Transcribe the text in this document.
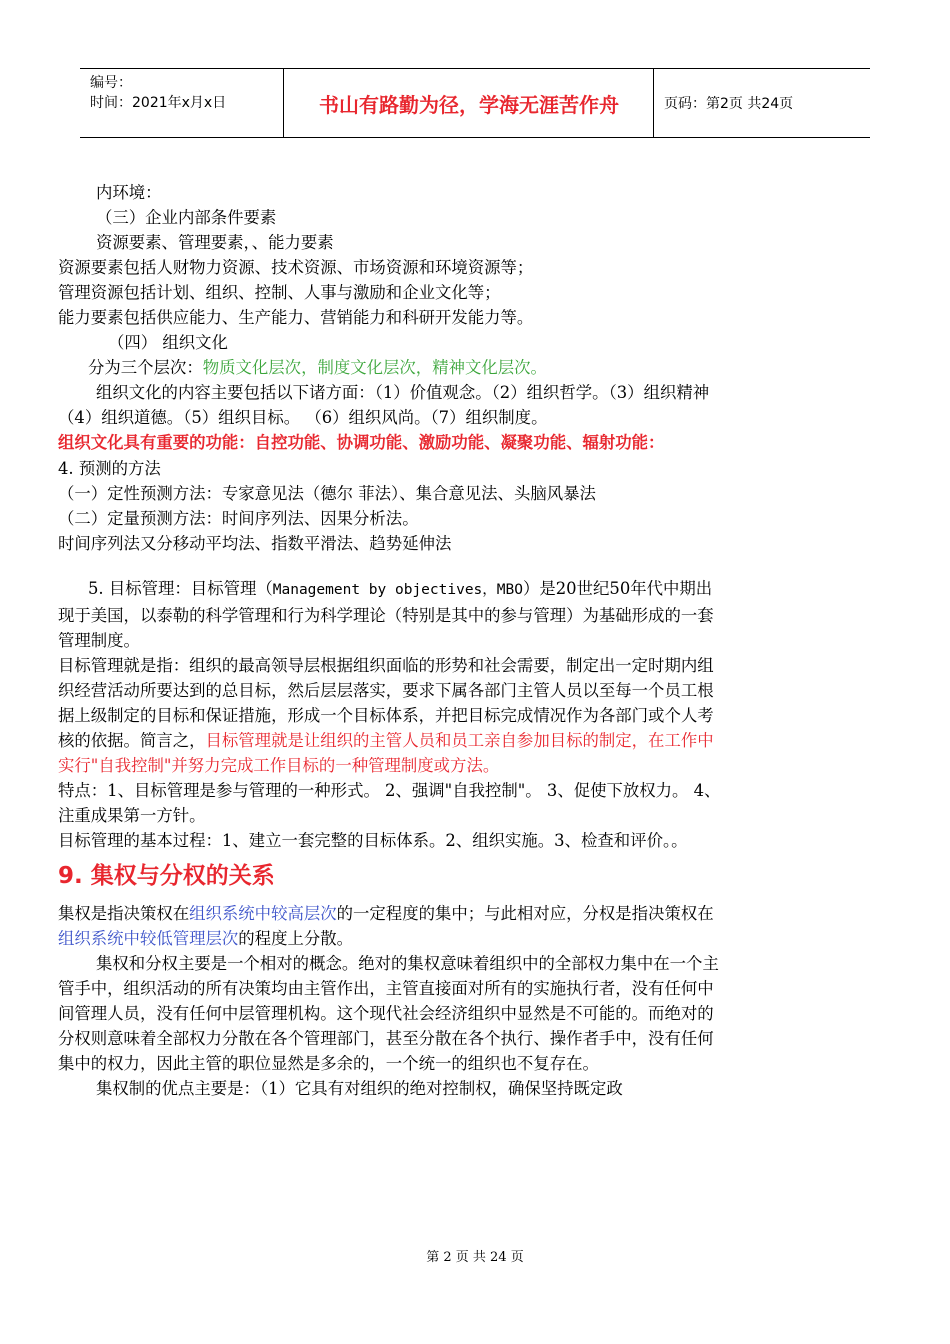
编号：
时间：2021年x月x日	书山有路勤为径，学海无涯苦作舟	页码：第2页 共24页

内环境：

（三）企业内部条件要素

资源要素、管理要素，、能力要素

资源要素包括人财物力资源、技术资源、市场资源和环境资源等；

管理资源包括计划、组织、控制、人事与激励和企业文化等；

能力要素包括供应能力、生产能力、营销能力和科研开发能力等。

（四） 组织文化

分为三个层次：物质文化层次，制度文化层次，精神文化层次。

组织文化的内容主要包括以下诸方面：（1）价值观念。（2）组织哲学。（3）组织精神（4）组织道德。（5）组织目标。 （6）组织风尚。（7）组织制度。

组织文化具有重要的功能：自控功能、协调功能、激励功能、凝聚功能、辐射功能：

4. 预测的方法

（一）定性预测方法：专家意见法（德尔 菲法）、集合意见法、头脑风暴法

（二）定量预测方法：时间序列法、因果分析法。

时间序列法又分移动平均法、指数平滑法、趋势延伸法

5. 目标管理：目标管理（Management by objectives，MBO）是20世纪50年代中期出现于美国，以泰勒的科学管理和行为科学理论（特别是其中的参与管理）为基础形成的一套管理制度。

目标管理就是指：组织的最高领导层根据组织面临的形势和社会需要，制定出一定时期内组织经营活动所要达到的总目标，然后层层落实，要求下属各部门主管人员以至每一个员工根据上级制定的目标和保证措施，形成一个目标体系，并把目标完成情况作为各部门或个人考核的依据。简言之，目标管理就是让组织的主管人员和员工亲自参加目标的制定，在工作中实行"自我控制"并努力完成工作目标的一种管理制度或方法。

特点：1、目标管理是参与管理的一种形式。 2、强调"自我控制"。 3、促使下放权力。 4、注重成果第一方针。

目标管理的基本过程：1、建立一套完整的目标体系。2、组织实施。3、检查和评价。。

9. 集权与分权的关系

集权是指决策权在组织系统中较高层次的一定程度的集中；与此相对应，分权是指决策权在组织系统中较低管理层次的程度上分散。

集权和分权主要是一个相对的概念。绝对的集权意味着组织中的全部权力集中在一个主管手中，组织活动的所有决策均由主管作出，主管直接面对所有的实施执行者，没有任何中间管理人员，没有任何中层管理机构。这个现代社会经济组织中显然是不可能的。而绝对的分权则意味着全部权力分散在各个管理部门，甚至分散在各个执行、操作者手中，没有任何集中的权力，因此主管的职位显然是多余的，一个统一的组织也不复存在。

集权制的优点主要是：（1）它具有对组织的绝对控制权，确保坚持既定政

第 2 页 共 24 页
